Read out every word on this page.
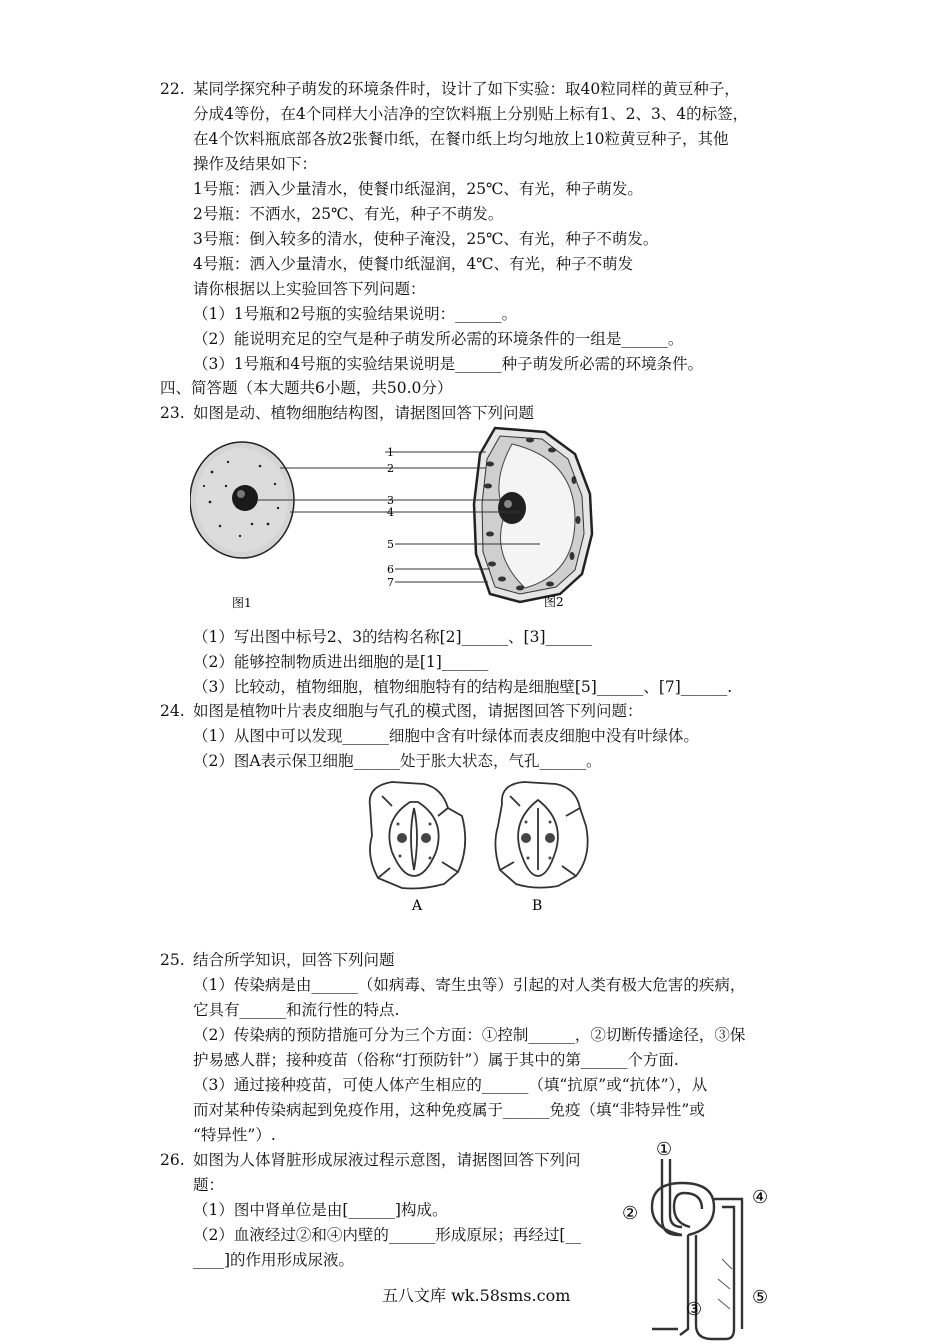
22. 某同学探究种子萌发的环境条件时，设计了如下实验：取40粒同样的黄豆种子，
分成4等份，在4个同样大小洁净的空饮料瓶上分别贴上标有1、2、3、4的标签，
在4个饮料瓶底部各放2张餐巾纸，在餐巾纸上均匀地放上10粒黄豆种子，其他
操作及结果如下：
1号瓶：洒入少量清水，使餐巾纸湿润，25℃、有光，种子萌发。
2号瓶：不洒水，25℃、有光，种子不萌发。
3号瓶：倒入较多的清水，使种子淹没，25℃、有光，种子不萌发。
4号瓶：洒入少量清水，使餐巾纸湿润，4℃、有光，种子不萌发
请你根据以上实验回答下列问题：
（1）1号瓶和2号瓶的实验结果说明：______。
（2）能说明充足的空气是种子萌发所必需的环境条件的一组是______。
（3）1号瓶和4号瓶的实验结果说明是______种子萌发所必需的环境条件。
四、简答题（本大题共6小题，共50.0分）
23. 如图是动、植物细胞结构图，请据图回答下列问题
图1	图2
1
2
3
4
5
6
7
（1）写出图中标号2、3的结构名称[2]______、[3]______
（2）能够控制物质进出细胞的是[1]______
（3）比较动，植物细胞，植物细胞特有的结构是细胞壁[5]______、[7]______.
24. 如图是植物叶片表皮细胞与气孔的模式图，请据图回答下列问题：
（1）从图中可以发现______细胞中含有叶绿体而表皮细胞中没有叶绿体。
（2）图A表示保卫细胞______处于胀大状态，气孔______。
A	B
25. 结合所学知识，回答下列问题
（1）传染病是由______（如病毒、寄生虫等）引起的对人类有极大危害的疾病，
它具有______和流行性的特点.
（2）传染病的预防措施可分为三个方面：①控制______，②切断传播途径，③保
护易感人群；接种疫苗（俗称“打预防针”）属于其中的第______个方面.
（3）通过接种疫苗，可使人体产生相应的______（填“抗原”或“抗体”），从
而对某种传染病起到免疫作用，这种免疫属于______免疫（填“非特异性”或
“特异性”）.
26. 如图为人体肾脏形成尿液过程示意图，请据图回答下列问
题：
（1）图中肾单位是由[______]构成。
（2）血液经过②和④内壁的______形成原尿；再经过[__
____]的作用形成尿液。
①
②
③
④
⑤
五八文库 wk.58sms.com
